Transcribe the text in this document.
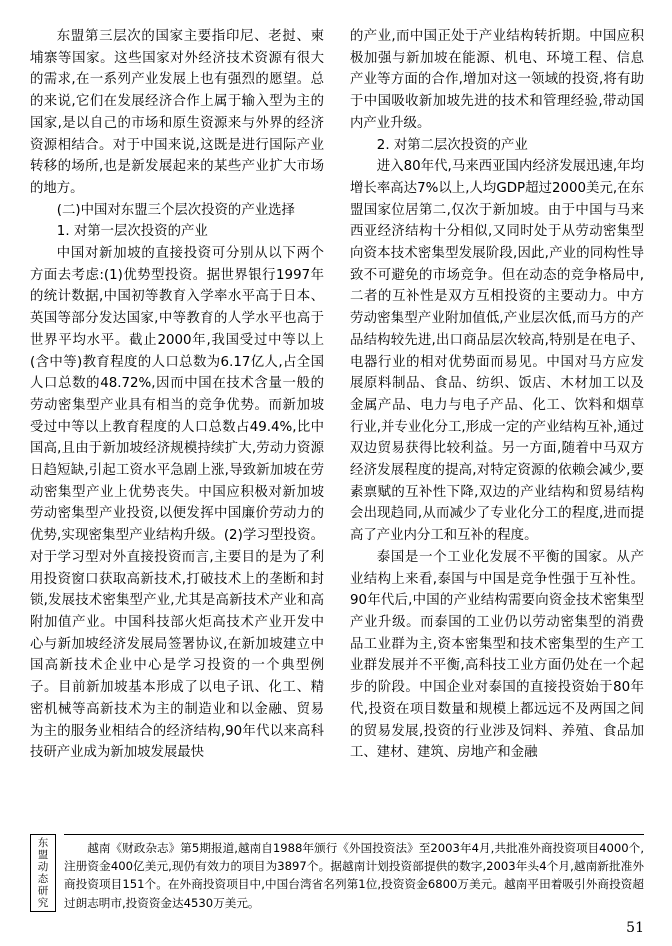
东盟第三层次的国家主要指印尼、老挝、柬埔寨等国家。这些国家对外经济技术资源有很大的需求,在一系列产业发展上也有强烈的愿望。总的来说,它们在发展经济合作上属于输入型为主的国家,是以自己的市场和原生资源来与外界的经济资源相结合。对于中国来说,这既是进行国际产业转移的场所,也是新发展起来的某些产业扩大市场的地方。

(二)中国对东盟三个层次投资的产业选择

1. 对第一层次投资的产业

中国对新加坡的直接投资可分别从以下两个方面去考虑:(1)优势型投资。据世界银行1997年的统计数据,中国初等教育入学率水平高于日本、英国等部分发达国家,中等教育的人学水平也高于世界平均水平。截止2000年,我国受过中等以上(含中等)教育程度的人口总数为6.17亿人,占全国人口总数的48.72%,因而中国在技术含量一般的劳动密集型产业具有相当的竞争优势。而新加坡受过中等以上教育程度的人口总数占49.4%,比中国高,且由于新加坡经济规模持续扩大,劳动力资源日趋短缺,引起工资水平急剧上涨,导致新加坡在劳动密集型产业上优势丧失。中国应积极对新加坡劳动密集型产业投资,以便发挥中国廉价劳动力的优势,实现密集型产业结构升级。(2)学习型投资。对于学习型对外直接投资而言,主要目的是为了利用投资窗口获取高新技术,打破技术上的垄断和封锁,发展技术密集型产业,尤其是高新技术产业和高附加值产业。中国科技部火炬高技术产业开发中心与新加坡经济发展局签署协议,在新加坡建立中国高新技术企业中心是学习投资的一个典型例子。目前新加坡基本形成了以电子讯、化工、精密机械等高新技术为主的制造业和以金融、贸易为主的服务业相结合的经济结构,90年代以来高科技研产业成为新加坡发展最快

的产业,而中国正处于产业结构转折期。中国应积极加强与新加坡在能源、机电、环境工程、信息产业等方面的合作,增加对这一领域的投资,将有助于中国吸收新加坡先进的技术和管理经验,带动国内产业升级。

2. 对第二层次投资的产业

进入80年代,马来西亚国内经济发展迅速,年均增长率高达7%以上,人均GDP超过2000美元,在东盟国家位居第二,仅次于新加坡。由于中国与马来西亚经济结构十分相似,又同时处于从劳动密集型向资本技术密集型发展阶段,因此,产业的同构性导致不可避免的市场竞争。但在动态的竞争格局中,二者的互补性是双方互相投资的主要动力。中方劳动密集型产业附加值低,产业层次低,而马方的产品结构较先进,出口商品层次较高,特别是在电子、电器行业的相对优势面而易见。中国对马方应发展原料制品、食品、纺织、饭店、木材加工以及金属产品、电力与电子产品、化工、饮料和烟草行业,并专业化分工,形成一定的产业结构互补,通过双边贸易获得比较利益。另一方面,随着中马双方经济发展程度的提高,对特定资源的依赖会减少,要素禀赋的互补性下降,双边的产业结构和贸易结构会出现趋同,从而减少了专业化分工的程度,进而提高了产业内分工和互补的程度。

泰国是一个工业化发展不平衡的国家。从产业结构上来看,泰国与中国是竞争性强于互补性。90年代后,中国的产业结构需要向资金技术密集型产业升级。而泰国的工业仍以劳动密集型的消费品工业群为主,资本密集型和技术密集型的生产工业群发展并不平衡,高科技工业方面仍处在一个起步的阶段。中国企业对泰国的直接投资始于80年代,投资在项目数量和规模上都远远不及两国之间的贸易发展,投资的行业涉及饲料、养殖、食品加工、建材、建筑、房地产和金融

东盟动态研究

越南《财政杂志》第5期报道,越南自1988年颁行《外国投资法》至2003年4月,共批准外商投资项目4000个,注册资金400亿美元,现仍有效力的项目为3897个。据越南计划投资部提供的数字,2003年头4个月,越南新批准外商投资项目151个。在外商投资项目中,中国台湾省名列第1位,投资资金6800万美元。越南平田着吸引外商投资超过朗志明市,投资资金达4530万美元。

51
